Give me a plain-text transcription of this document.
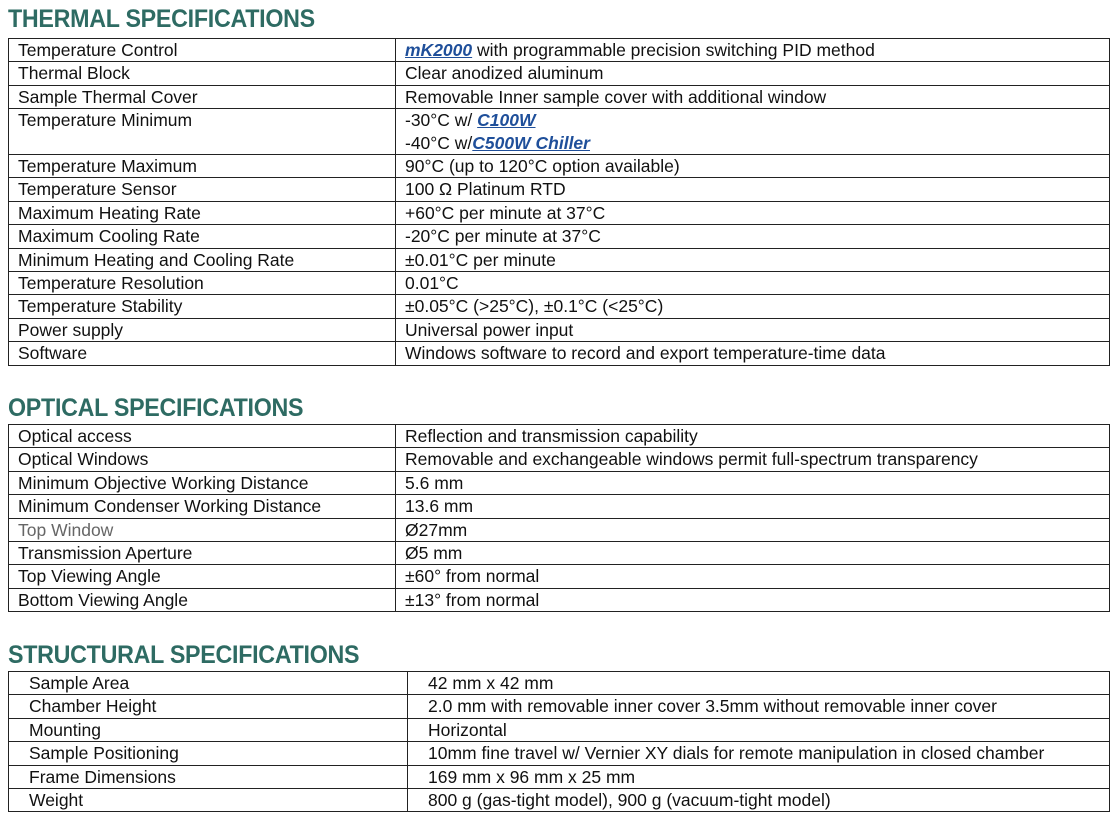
THERMAL SPECIFICATIONS
Temperature Control	mK2000 with programmable precision switching PID method
Thermal Block	Clear anodized aluminum
Sample Thermal Cover	Removable Inner sample cover with additional window
Temperature Minimum	-30°C w/ C100W
-40°C w/C500W Chiller

Temperature Maximum	90°C (up to 120°C option available)
Temperature Sensor	100 Ω Platinum RTD
Maximum Heating Rate	+60°C per minute at 37°C
Maximum Cooling Rate	-20°C per minute at 37°C
Minimum Heating and Cooling Rate	±0.01°C per minute
Temperature Resolution	0.01°C
Temperature Stability	±0.05°C (>25°C), ±0.1°C (<25°C)
Power supply	Universal power input
Software	Windows software to record and export temperature-time data
OPTICAL SPECIFICATIONS
Optical access	Reflection and transmission capability
Optical Windows	Removable and exchangeable windows permit full-spectrum transparency
Minimum Objective Working Distance	5.6 mm
Minimum Condenser Working Distance	13.6 mm
Top Window	Ø27mm
Transmission Aperture	Ø5 mm
Top Viewing Angle	±60° from normal
Bottom Viewing Angle	±13° from normal
STRUCTURAL SPECIFICATIONS
Sample Area	42 mm x 42 mm
Chamber Height	2.0 mm with removable inner cover 3.5mm without removable inner cover
Mounting	Horizontal
Sample Positioning	10mm fine travel w/ Vernier XY dials for remote manipulation in closed chamber
Frame Dimensions	169 mm x 96 mm x 25 mm
Weight	800 g (gas-tight model), 900 g (vacuum-tight model)
